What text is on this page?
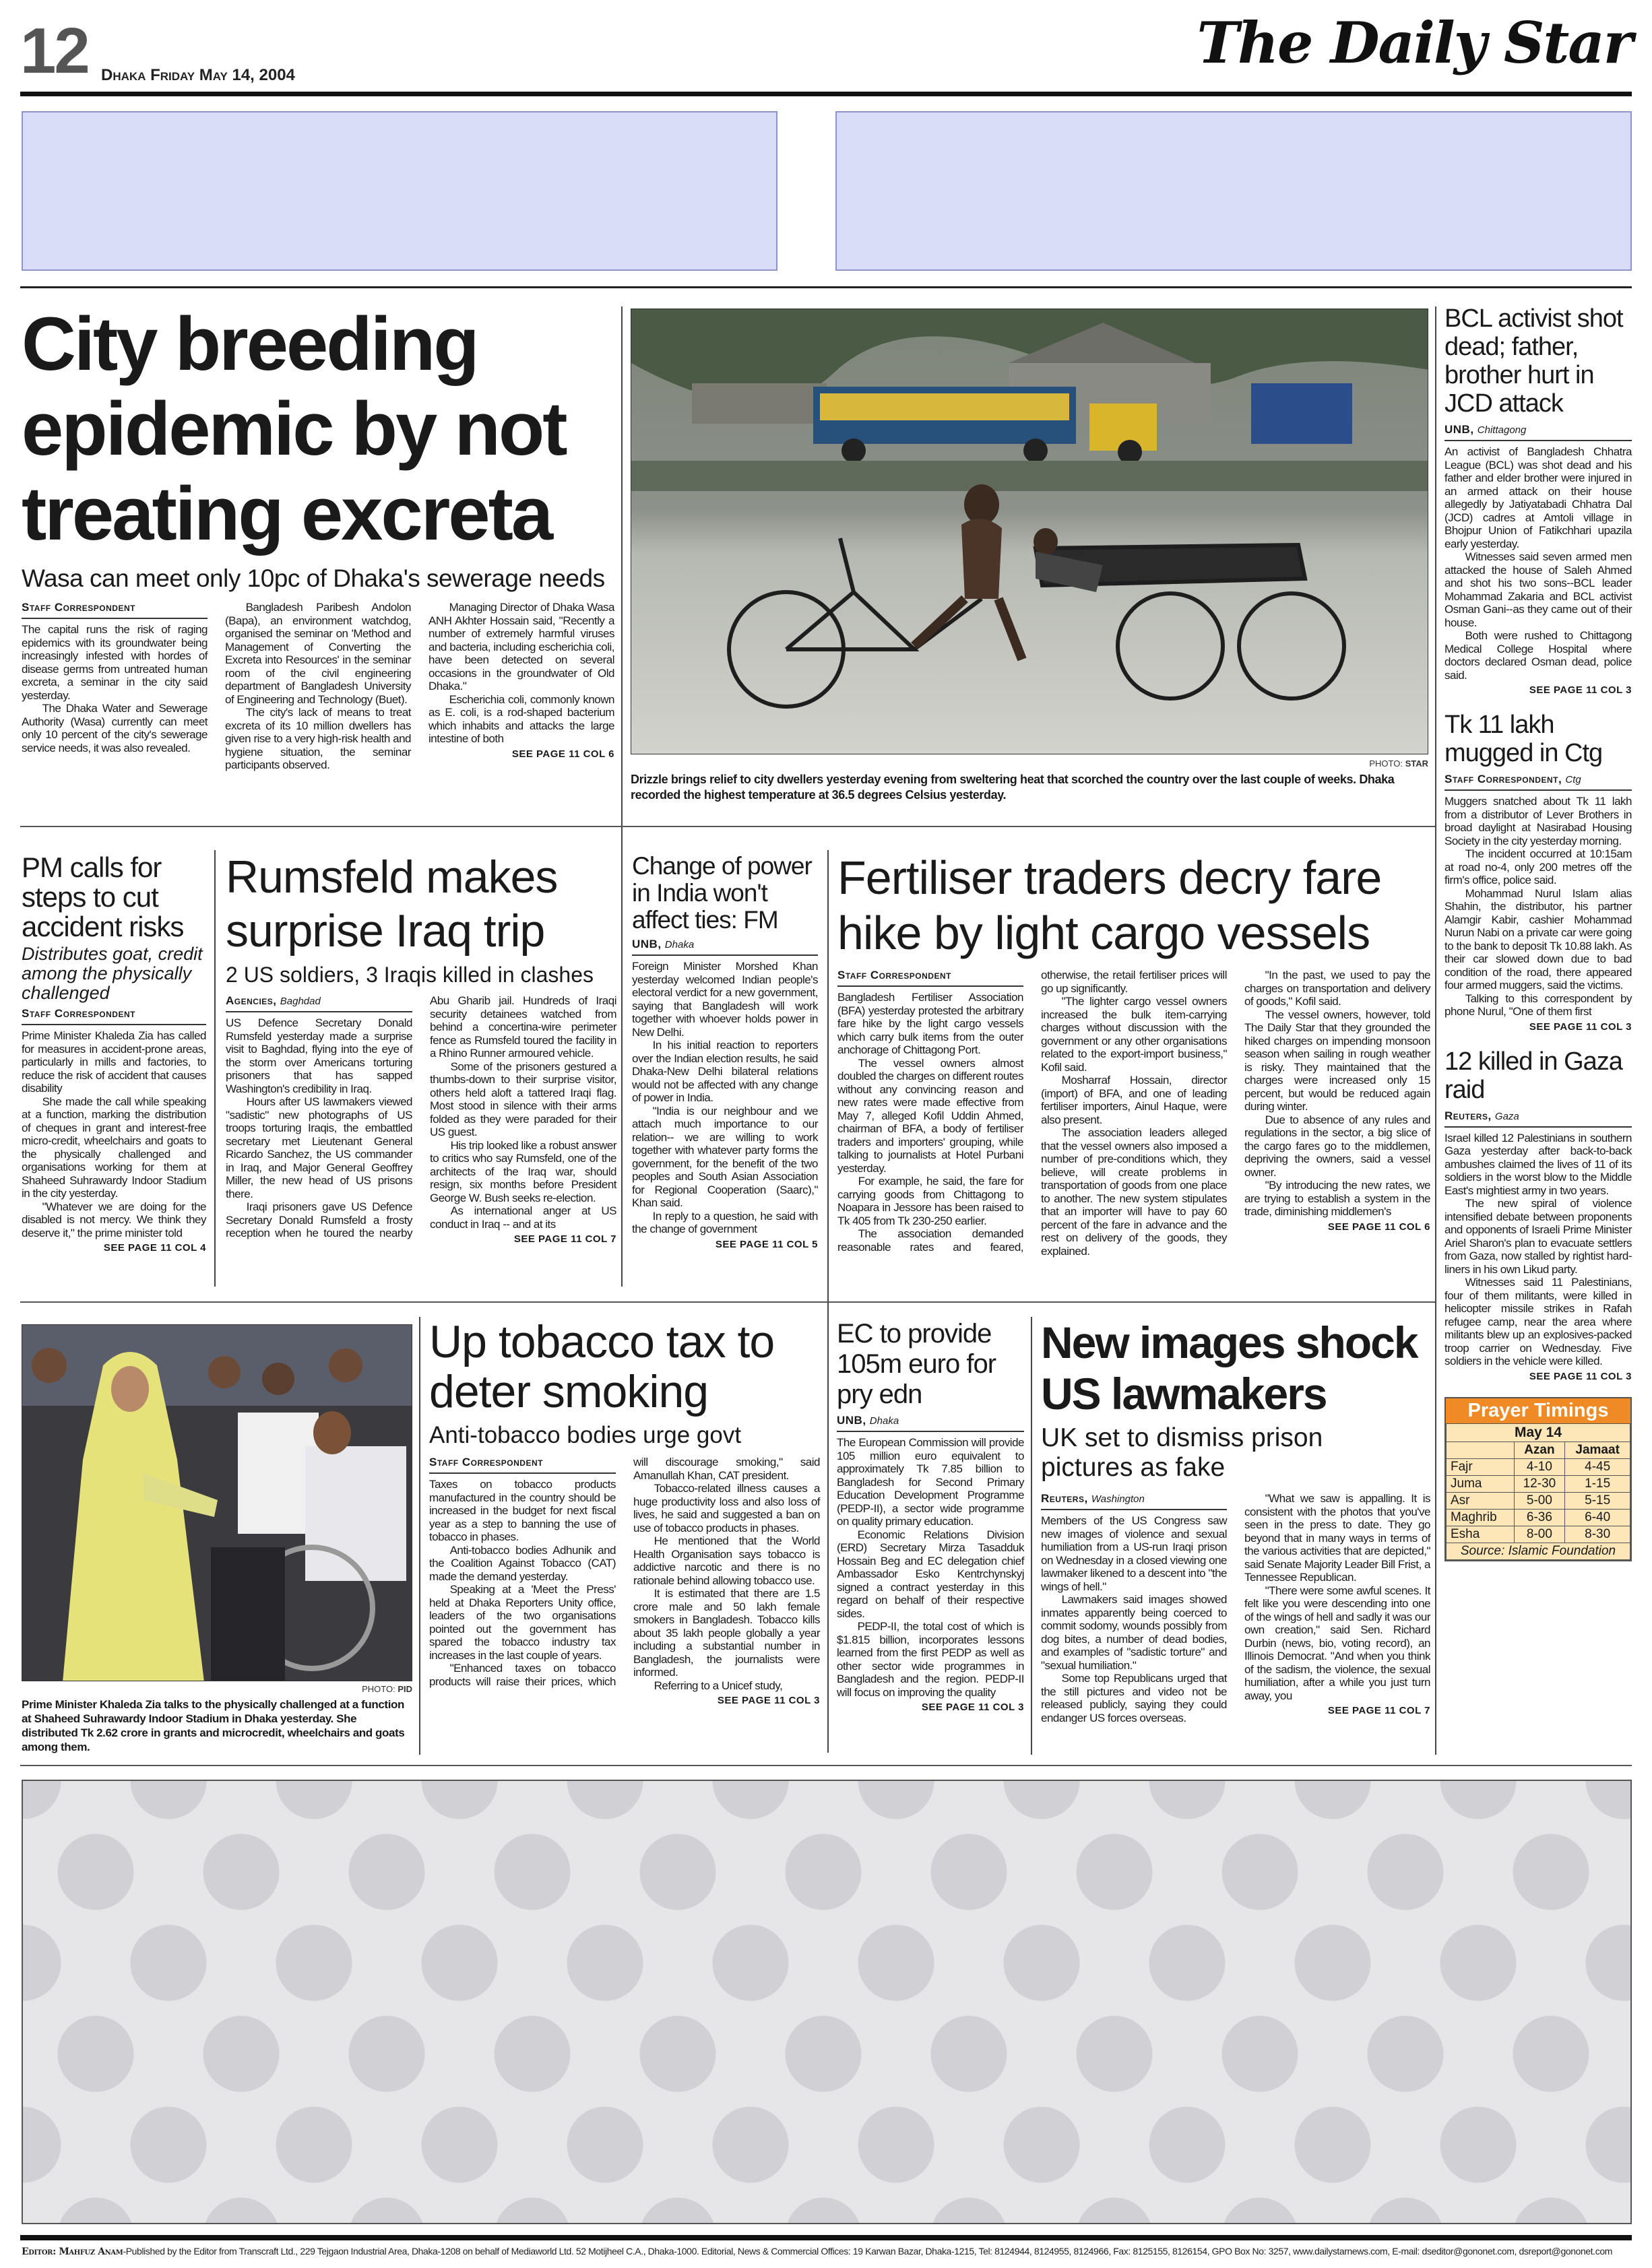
12 Dhaka Friday May 14, 2004	The Daily Star
City breeding epidemic by not treating excreta
Wasa can meet only 10pc of Dhaka's sewerage needs
Staff Correspondent

The capital runs the risk of raging epidemics with its groundwater being increasingly infested with hordes of disease germs from untreated human excreta, a seminar in the city said yesterday.

The Dhaka Water and Sewerage Authority (Wasa) currently can meet only 10 percent of the city's sewerage service needs, it was also revealed.

Bangladesh Paribesh Andolon (Bapa), an environment watchdog, organised the seminar on 'Method and Management of Converting the Excreta into Resources' in the seminar room of the civil engineering department of Bangladesh University of Engineering and Technology (Buet).

The city's lack of means to treat excreta of its 10 million dwellers has given rise to a very high-risk health and hygiene situation, the seminar participants observed.

Managing Director of Dhaka Wasa ANH Akhter Hossain said, "Recently a number of extremely harmful viruses and bacteria, including escherichia coli, have been detected on several occasions in the groundwater of Old Dhaka."

Escherichia coli, commonly known as E. coli, is a rod-shaped bacterium which inhabits and attacks the large intestine of both

SEE PAGE 11 COL 6
PHOTO: STAR
Drizzle brings relief to city dwellers yesterday evening from sweltering heat that scorched the country over the last couple of weeks. Dhaka recorded the highest temperature at 36.5 degrees Celsius yesterday.
BCL activist shot dead; father, brother hurt in JCD attack
UNB, Chittagong

An activist of Bangladesh Chhatra League (BCL) was shot dead and his father and elder brother were injured in an armed attack on their house allegedly by Jatiyatabadi Chhatra Dal (JCD) cadres at Amtoli village in Bhojpur Union of Fatikchhari upazila early yesterday.

Witnesses said seven armed men attacked the house of Saleh Ahmed and shot his two sons--BCL leader Mohammad Zakaria and BCL activist Osman Gani--as they came out of their house.

Both were rushed to Chittagong Medical College Hospital where doctors declared Osman dead, police said.

SEE PAGE 11 COL 3
Tk 11 lakh mugged in Ctg
Staff Correspondent, Ctg

Muggers snatched about Tk 11 lakh from a distributor of Lever Brothers in broad daylight at Nasirabad Housing Society in the city yesterday morning.

The incident occurred at 10:15am at road no-4, only 200 metres off the firm's office, police said.

Mohammad Nurul Islam alias Shahin, the distributor, his partner Alamgir Kabir, cashier Mohammad Nurun Nabi on a private car were going to the bank to deposit Tk 10.88 lakh. As their car slowed down due to bad condition of the road, there appeared four armed muggers, said the victims.

Talking to this correspondent by phone Nurul, "One of them first

SEE PAGE 11 COL 3
12 killed in Gaza raid
Reuters, Gaza

Israel killed 12 Palestinians in southern Gaza yesterday after back-to-back ambushes claimed the lives of 11 of its soldiers in the worst blow to the Middle East's mightiest army in two years.

The new spiral of violence intensified debate between proponents and opponents of Israeli Prime Minister Ariel Sharon's plan to evacuate settlers from Gaza, now stalled by rightist hard-liners in his own Likud party.

Witnesses said 11 Palestinians, four of them militants, were killed in helicopter missile strikes in Rafah refugee camp, near the area where militants blew up an explosives-packed troop carrier on Wednesday. Five soldiers in the vehicle were killed.

SEE PAGE 11 COL 3
Prayer Timings
May 14		
	Azan	Jamaat
Fajr	4-10	4-45
Juma	12-30	1-15
Asr	5-00	5-15
Maghrib	6-36	6-40
Esha	8-00	8-30
Source: Islamic Foundation		
PM calls for steps to cut accident risks
Distributes goat, credit among the physically challenged
Staff Correspondent

Prime Minister Khaleda Zia has called for measures in accident-prone areas, particularly in mills and factories, to reduce the risk of accident that causes disability

She made the call while speaking at a function, marking the distribution of cheques in grant and interest-free micro-credit, wheelchairs and goats to the physically challenged and organisations working for them at Shaheed Suhrawardy Indoor Stadium in the city yesterday.

"Whatever we are doing for the disabled is not mercy. We think they deserve it," the prime minister told

SEE PAGE 11 COL 4
Rumsfeld makes surprise Iraq trip
2 US soldiers, 3 Iraqis killed in clashes
Agencies, Baghdad

US Defence Secretary Donald Rumsfeld yesterday made a surprise visit to Baghdad, flying into the eye of the storm over Americans torturing prisoners that has sapped Washington's credibility in Iraq.

Hours after US lawmakers viewed "sadistic" new photographs of US troops torturing Iraqis, the embattled secretary met Lieutenant General Ricardo Sanchez, the US commander in Iraq, and Major General Geoffrey Miller, the new head of US prisons there.

Iraqi prisoners gave US Defence Secretary Donald Rumsfeld a frosty reception when he toured the nearby Abu Gharib jail. Hundreds of Iraqi security detainees watched from behind a concertina-wire perimeter fence as Rumsfeld toured the facility in a Rhino Runner armoured vehicle.

Some of the prisoners gestured a thumbs-down to their surprise visitor, others held aloft a tattered Iraqi flag. Most stood in silence with their arms folded as they were paraded for their US guest.

His trip looked like a robust answer to critics who say Rumsfeld, one of the architects of the Iraq war, should resign, six months before President George W. Bush seeks re-election.

As international anger at US conduct in Iraq -- and at its

SEE PAGE 11 COL 7
Change of power in India won't affect ties: FM
UNB, Dhaka

Foreign Minister Morshed Khan yesterday welcomed Indian people's electoral verdict for a new government, saying that Bangladesh will work together with whoever holds power in New Delhi.

In his initial reaction to reporters over the Indian election results, he said Dhaka-New Delhi bilateral relations would not be affected with any change of power in India.

"India is our neighbour and we attach much importance to our relation-- we are willing to work together with whatever party forms the government, for the benefit of the two peoples and South Asian Association for Regional Cooperation (Saarc)," Khan said.

In reply to a question, he said with the change of government

SEE PAGE 11 COL 5
Fertiliser traders decry fare hike by light cargo vessels
Staff Correspondent

Bangladesh Fertiliser Association (BFA) yesterday protested the arbitrary fare hike by the light cargo vessels which carry bulk items from the outer anchorage of Chittagong Port.

The vessel owners almost doubled the charges on different routes without any convincing reason and new rates were made effective from May 7, alleged Kofil Uddin Ahmed, chairman of BFA, a body of fertiliser traders and importers' grouping, while talking to journalists at Hotel Purbani yesterday.

For example, he said, the fare for carrying goods from Chittagong to Noapara in Jessore has been raised to Tk 405 from Tk 230-250 earlier.

The association demanded reasonable rates and feared, otherwise, the retail fertiliser prices will go up significantly.

"The lighter cargo vessel owners increased the bulk item-carrying charges without discussion with the government or any other organisations related to the export-import business," Kofil said.

Mosharraf Hossain, director (import) of BFA, and one of leading fertiliser importers, Ainul Haque, were also present.

The association leaders alleged that the vessel owners also imposed a number of pre-conditions which, they believe, will create problems in transportation of goods from one place to another. The new system stipulates that an importer will have to pay 60 percent of the fare in advance and the rest on delivery of the goods, they explained.

"In the past, we used to pay the charges on transportation and delivery of goods," Kofil said.

The vessel owners, however, told The Daily Star that they grounded the hiked charges on impending monsoon season when sailing in rough weather is risky. They maintained that the charges were increased only 15 percent, but would be reduced again during winter.

Due to absence of any rules and regulations in the sector, a big slice of the cargo fares go to the middlemen, depriving the owners, said a vessel owner.

"By introducing the new rates, we are trying to establish a system in the trade, diminishing middlemen's

SEE PAGE 11 COL 6
PHOTO: PID
Prime Minister Khaleda Zia talks to the physically challenged at a function at Shaheed Suhrawardy Indoor Stadium in Dhaka yesterday. She distributed Tk 2.62 crore in grants and microcredit, wheelchairs and goats among them.
Up tobacco tax to deter smoking
Anti-tobacco bodies urge govt
Staff Correspondent

Taxes on tobacco products manufactured in the country should be increased in the budget for next fiscal year as a step to banning the use of tobacco in phases.

Anti-tobacco bodies Adhunik and the Coalition Against Tobacco (CAT) made the demand yesterday.

Speaking at a 'Meet the Press' held at Dhaka Reporters Unity office, leaders of the two organisations pointed out the government has spared the tobacco industry tax increases in the last couple of years.

"Enhanced taxes on tobacco products will raise their prices, which will discourage smoking," said Amanullah Khan, CAT president.

Tobacco-related illness causes a huge productivity loss and also loss of lives, he said and suggested a ban on use of tobacco products in phases.

He mentioned that the World Health Organisation says tobacco is addictive narcotic and there is no rationale behind allowing tobacco use.

It is estimated that there are 1.5 crore male and 50 lakh female smokers in Bangladesh. Tobacco kills about 35 lakh people globally a year including a substantial number in Bangladesh, the journalists were informed.

Referring to a Unicef study,

SEE PAGE 11 COL 3
EC to provide 105m euro for pry edn
UNB, Dhaka

The European Commission will provide 105 million euro equivalent to approximately Tk 7.85 billion to Bangladesh for Second Primary Education Development Programme (PEDP-II), a sector wide programme on quality primary education.

Economic Relations Division (ERD) Secretary Mirza Tasadduk Hossain Beg and EC delegation chief Ambassador Esko Kentrchynskyj signed a contract yesterday in this regard on behalf of their respective sides.

PEDP-II, the total cost of which is $1.815 billion, incorporates lessons learned from the first PEDP as well as other sector wide programmes in Bangladesh and the region. PEDP-II will focus on improving the quality

SEE PAGE 11 COL 3
New images shock US lawmakers
UK set to dismiss prison pictures as fake
Reuters, Washington

Members of the US Congress saw new images of violence and sexual humiliation from a US-run Iraqi prison on Wednesday in a closed viewing one lawmaker likened to a descent into "the wings of hell."

Lawmakers said images showed inmates apparently being coerced to commit sodomy, wounds possibly from dog bites, a number of dead bodies, and examples of "sadistic torture" and "sexual humiliation."

Some top Republicans urged that the still pictures and video not be released publicly, saying they could endanger US forces overseas.

"What we saw is appalling. It is consistent with the photos that you've seen in the press to date. They go beyond that in many ways in terms of the various activities that are depicted," said Senate Majority Leader Bill Frist, a Tennessee Republican.

"There were some awful scenes. It felt like you were descending into one of the wings of hell and sadly it was our own creation," said Sen. Richard Durbin (news, bio, voting record), an Illinois Democrat. "And when you think of the sadism, the violence, the sexual humiliation, after a while you just turn away, you

SEE PAGE 11 COL 7
Editor: Mahfuz Anam-Published by the Editor from Transcraft Ltd., 229 Tejgaon Industrial Area, Dhaka-1208 on behalf of Mediaworld Ltd. 52 Motijheel C.A., Dhaka-1000. Editorial, News & Commercial Offices: 19 Karwan Bazar, Dhaka-1215, Tel: 8124944, 8124955, 8124966, Fax: 8125155, 8126154, GPO Box No: 3257, www.dailystarnews.com, E-mail: dseditor@gononet.com, dsreport@gononet.com
